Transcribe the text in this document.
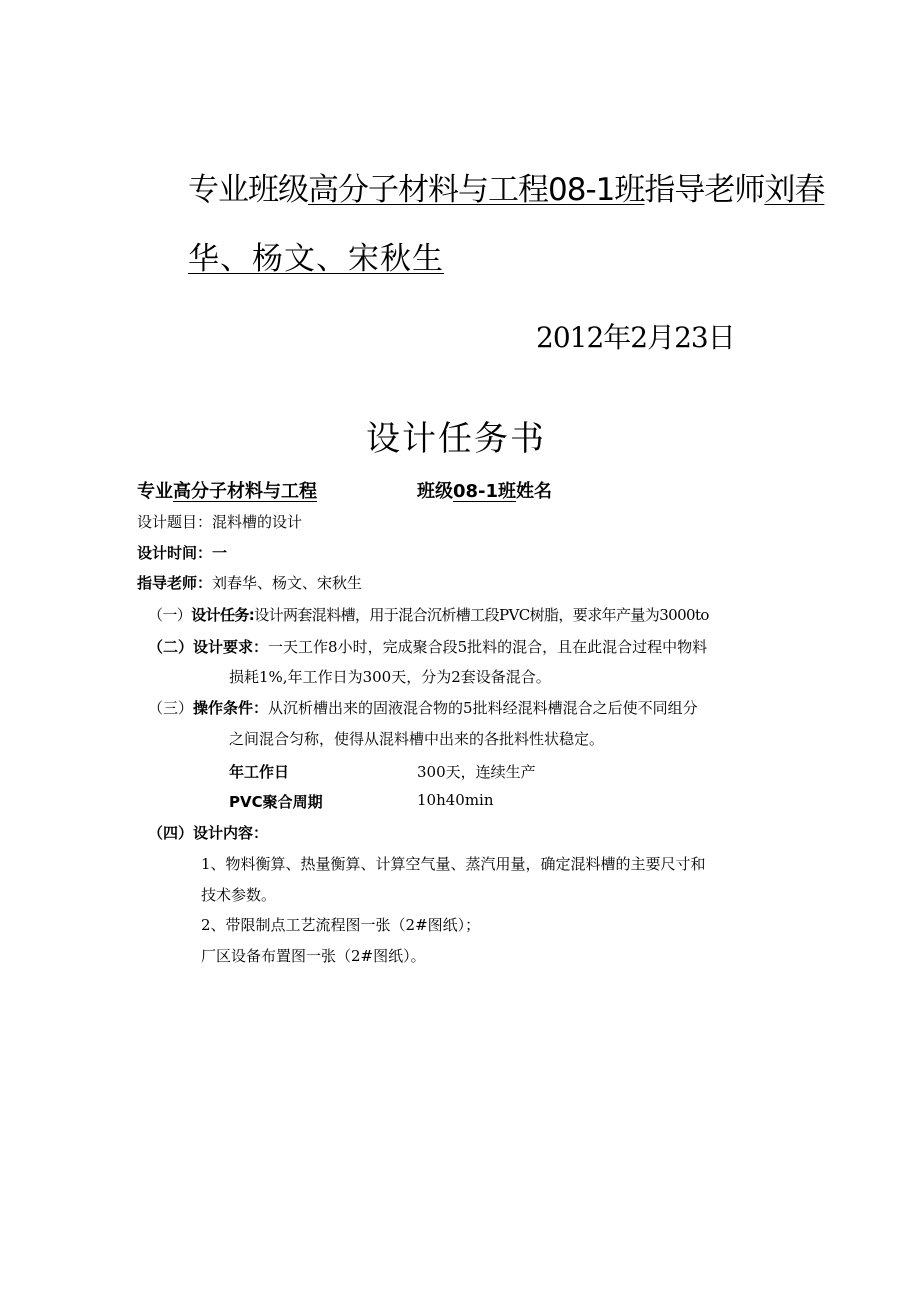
专业班级高分子材料与工程08-1班指导老师刘春
华、杨文、宋秋生
2012年2月23日
设计任务书
专业高分子材料与工程	班级08-1班姓名
设计题目：混料槽的设计
设计时间：一
指导老师：刘春华、杨文、宋秋生
（一）设计任务:设计两套混料槽，用于混合沉析槽工段PVC树脂，要求年产量为3000to
（二）设计要求：一天工作8小时，完成聚合段5批料的混合，且在此混合过程中物料
损耗1%,年工作日为300天，分为2套设备混合。
（三）操作条件：从沉析槽出来的固液混合物的5批料经混料槽混合之后使不同组分
之间混合匀称，使得从混料槽中出来的各批料性状稳定。
年工作日	300天，连续生产
PVC聚合周期	10h40min
（四）设计内容：
1、物料衡算、热量衡算、计算空气量、蒸汽用量，确定混料槽的主要尺寸和
技术参数。
2、带限制点工艺流程图一张（2#图纸）；
厂区设备布置图一张（2#图纸）。
